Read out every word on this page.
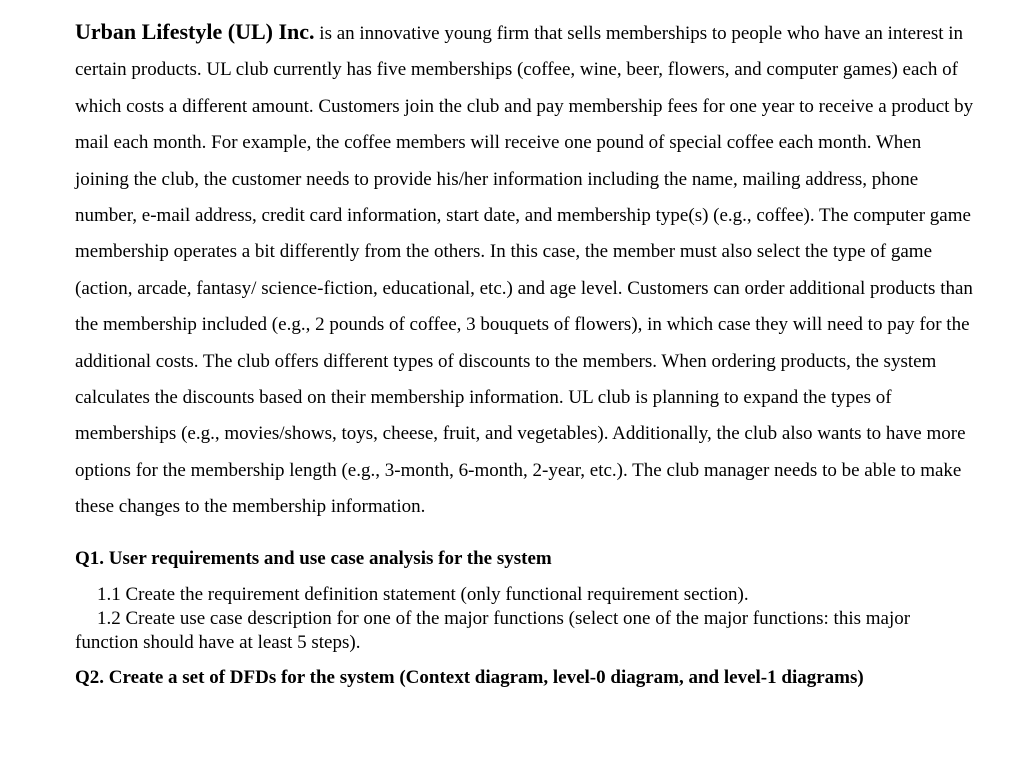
Urban Lifestyle (UL) Inc. is an innovative young firm that sells memberships to people who have an interest in certain products. UL club currently has five memberships (coffee, wine, beer, flowers, and computer games) each of which costs a different amount. Customers join the club and pay membership fees for one year to receive a product by mail each month. For example, the coffee members will receive one pound of special coffee each month. When joining the club, the customer needs to provide his/her information including the name, mailing address, phone number, e-mail address, credit card information, start date, and membership type(s) (e.g., coffee). The computer game membership operates a bit differently from the others. In this case, the member must also select the type of game (action, arcade, fantasy/ science-fiction, educational, etc.) and age level. Customers can order additional products than the membership included (e.g., 2 pounds of coffee, 3 bouquets of flowers), in which case they will need to pay for the additional costs. The club offers different types of discounts to the members. When ordering products, the system calculates the discounts based on their membership information. UL club is planning to expand the types of memberships (e.g., movies/shows, toys, cheese, fruit, and vegetables). Additionally, the club also wants to have more options for the membership length (e.g., 3-month, 6-month, 2-year, etc.). The club manager needs to be able to make these changes to the membership information.

Q1. User requirements and use case analysis for the system

1.1 Create the requirement definition statement (only functional requirement section).

1.2 Create use case description for one of the major functions (select one of the major functions: this major function should have at least 5 steps).

Q2. Create a set of DFDs for the system (Context diagram, level-0 diagram, and level-1 diagrams)
